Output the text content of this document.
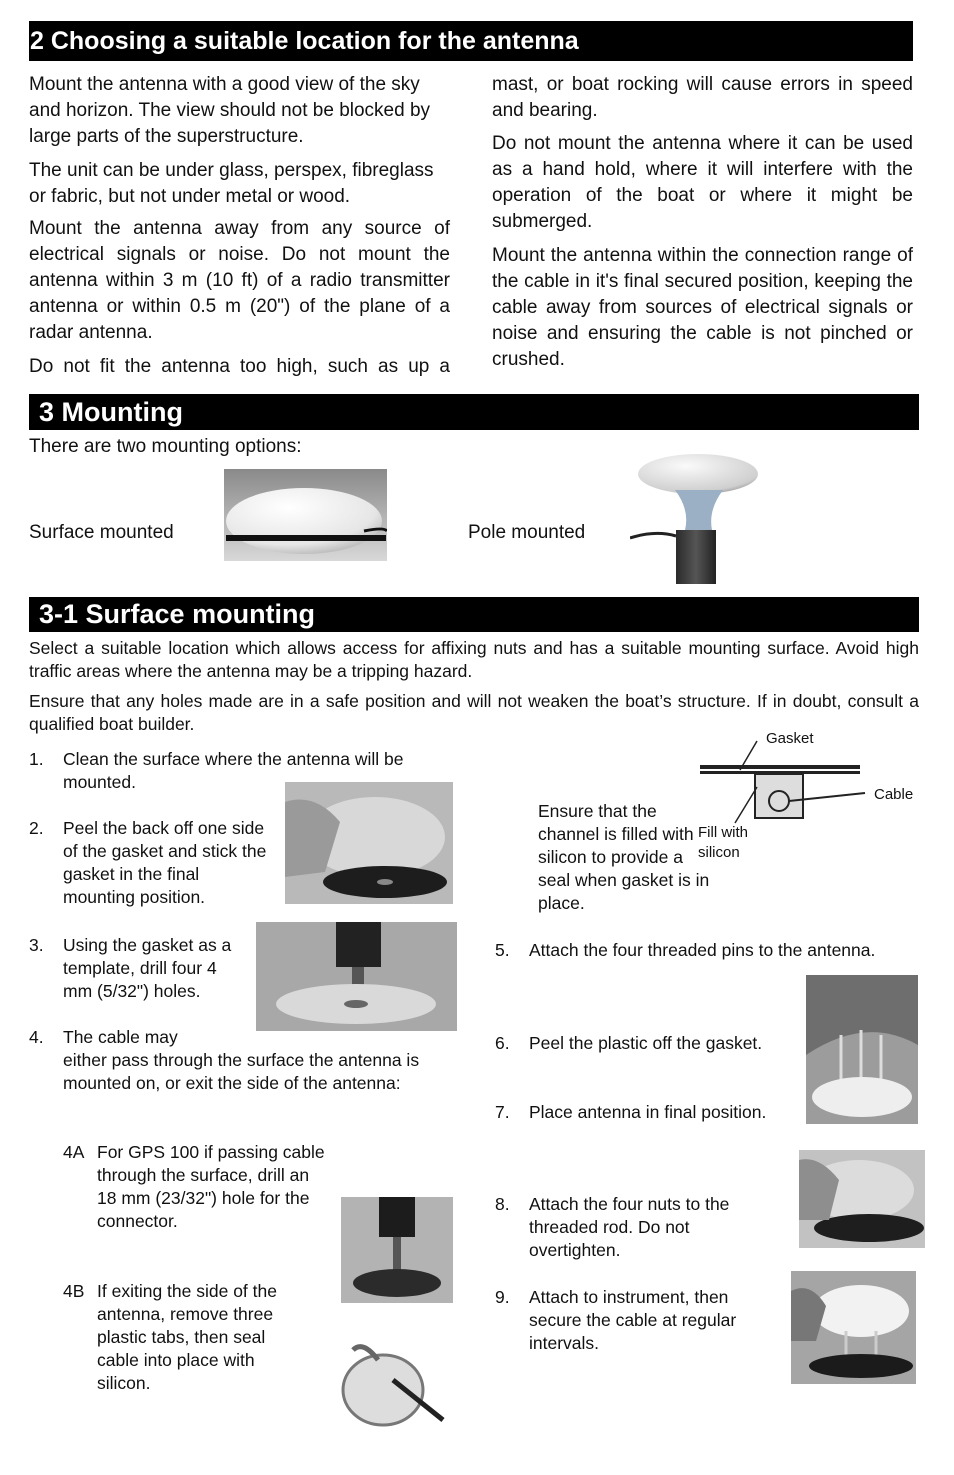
2 Choosing a suitable location for the antenna
Mount the antenna with a good view of the sky and horizon. The view should not be blocked by large parts of the superstructure.
The unit can be under glass, perspex, fibreglass or fabric, but not under metal or wood.
Mount the antenna away from any source of electrical signals or noise. Do not mount the antenna within 3 m (10 ft) of a radio transmitter antenna or within 0.5 m (20") of the plane of a radar antenna.
Do not fit the antenna too high, such as up a
mast, or boat rocking will cause errors in speed and bearing.
Do not mount the antenna where it can be used as a hand hold, where it will interfere with the operation of the boat or where it might be submerged.
Mount the antenna within the connection range of the cable in it's final secured position, keeping the cable away from sources of electrical signals or noise and ensuring the cable is not pinched or crushed.
3 Mounting
There are two mounting options:
Surface mounted	Pole mounted
3-1 Surface mounting
Select a suitable location which allows access for affixing nuts and has a suitable mounting surface. Avoid high traffic areas where the antenna may be a tripping hazard.
Ensure that any holes made are in a safe position and will not weaken the boat’s structure. If in doubt, consult a qualified boat builder.
1. Clean the surface where the antenna will be mounted.
2. Peel the back off one side of the gasket and stick the gasket in the final mounting position.
3. Using the gasket as a template, drill four 4 mm (5/32") holes.
4. The cable may
either pass through the surface the antenna is mounted on, or exit the side of the antenna:
4A For GPS 100 if passing cable through the surface, drill an 18 mm (23/32") hole for the connector.
4B If exiting the side of the antenna, remove three plastic tabs, then seal cable into place with silicon.
Gasket
Cable
Fill with silicon
Ensure that the channel is filled with silicon to provide a seal when gasket is in place.
5. Attach the four threaded pins to the antenna.
6. Peel the plastic off the gasket.
7. Place antenna in final position.
8. Attach the four nuts to the threaded rod. Do not overtighten.
9. Attach to instrument, then secure the cable at regular intervals.
